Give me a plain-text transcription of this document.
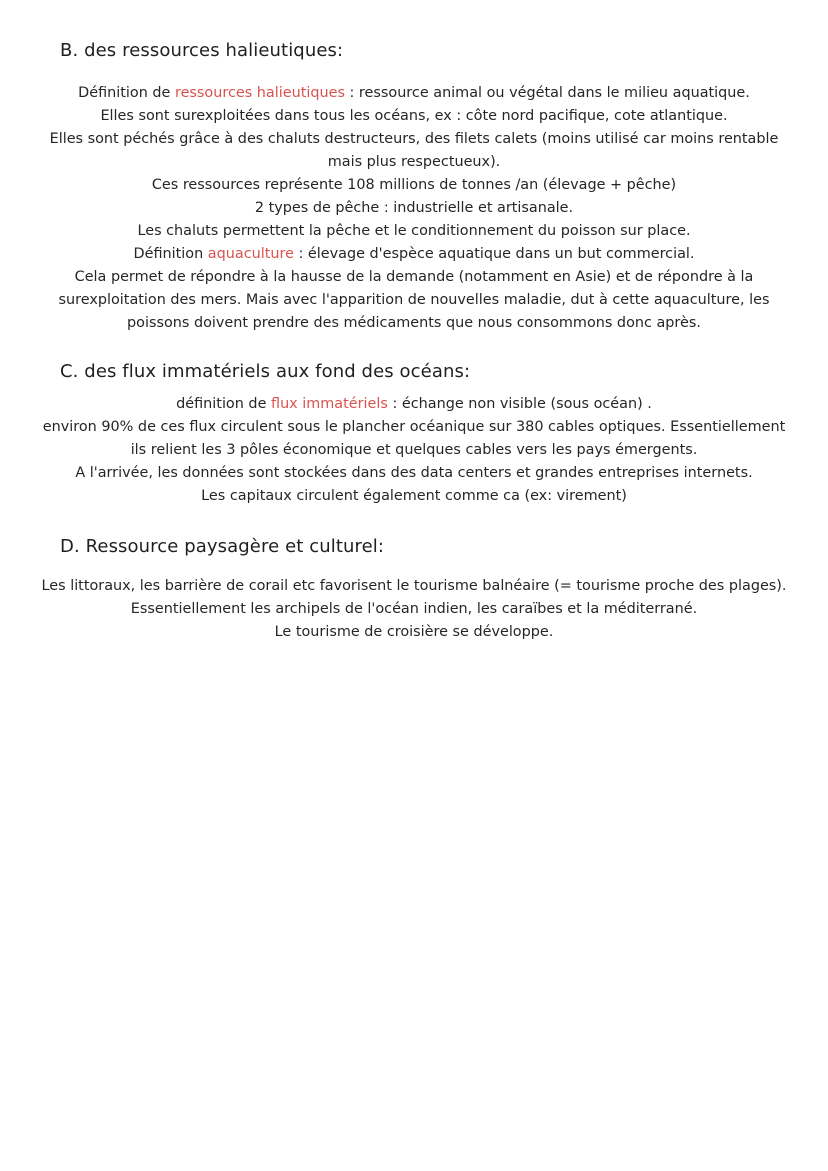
B. des ressources halieutiques:
Définition de ressources halieutiques : ressource animal ou végétal dans le milieu aquatique.
Elles sont surexploitées dans tous les océans, ex : côte nord pacifique, cote atlantique.
Elles sont péchés grâce à des chaluts destructeurs, des filets calets (moins utilisé car moins rentable
mais plus respectueux).
Ces ressources représente 108 millions de tonnes /an (élevage + pêche)
2 types de pêche : industrielle et artisanale.
Les chaluts permettent la pêche et le conditionnement du poisson sur place.
Définition aquaculture : élevage d'espèce aquatique dans un but commercial.
Cela permet de répondre à la hausse de la demande (notamment en Asie) et de répondre à la
surexploitation des mers. Mais avec l'apparition de nouvelles maladie, dut à cette aquaculture, les
poissons doivent prendre des médicaments que nous consommons donc après.
C. des flux immatériels aux fond des océans:
définition de flux immatériels : échange non visible (sous océan) .
environ 90% de ces flux circulent sous le plancher océanique sur 380 cables optiques. Essentiellement
ils relient les 3 pôles économique et quelques cables vers les pays émergents.
A l'arrivée, les données sont stockées dans des data centers et grandes entreprises internets.
Les capitaux circulent également comme ca (ex: virement)
D. Ressource paysagère et culturel:
Les littoraux, les barrière de corail etc favorisent le tourisme balnéaire (= tourisme proche des plages).
Essentiellement les archipels de l'océan indien, les caraïbes et la méditerrané.
Le tourisme de croisière se développe.
